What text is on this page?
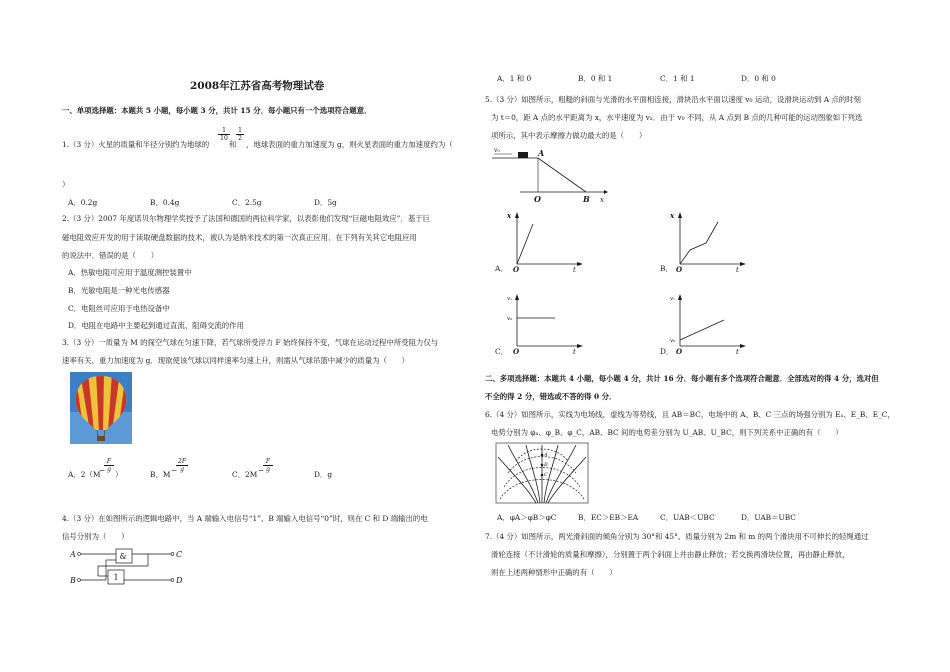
2008年江苏省高考物理试卷
一、单项选择题：本题共 5 小题，每小题 3 分，共计 15 分．每小题只有一个选项符合题意．
1.（3 分）火星的质量和半径分别约为地球的
$\frac{1}{10}$
和
$\frac{1}{2}$
，地球表面的重力加速度为 g，则火星表面的重力加速度约为（
）
A．0.2g	B．0.4g	C．2.5g	D．5g
2.（3 分）2007 年度诺贝尔物理学奖授予了法国和德国的两位科学家，以表彰他们发现“巨磁电阻效应”．基于巨
磁电阻效应开发的用于读取硬盘数据的技术，被认为是纳米技术的第一次真正应用．在下列有关其它电阻应用
的说法中．错误的是（　　）
A．热敏电阻可应用于温度测控装置中
B．光敏电阻是一种光电传感器
C．电阻丝可应用于电热设备中
D．电阻在电路中主要起到通过直流、阻碍交流的作用
3.（3 分）一质量为 M 的探空气球在匀速下降，若气球所受浮力 F 始终保持不变，气球在运动过程中所受阻力仅与
速率有关，重力加速度为 g．现欲使该气球以同样速率匀速上升，则需从气球吊篮中减少的质量为（　　）
A．2（M
$\frac{F}{g}$
− ）	B．M −
$\frac{2F}{g}$
C．2M −
$\frac{F}{g}$
D．g
4.（3 分）在如图所示的逻辑电路中，当 A 端输入电信号“1”、B 端输入电信号“0”时，则在 C 和 D 端输出的电
信号分别为（　　）
A
B
C
D
&
1
A．1 和 0	B．0 和 1	C．1 和 1	D．0 和 0
5.（3 分）如图所示，粗糙的斜面与光滑的水平面相连接，滑块沿水平面以速度 v₀ 运动，设滑块运动到 A 点的时刻
为 t＝0，距 A 点的水平距离为 x，水平速度为 vₓ．由于 v₀ 不同，从 A 点到 B 点的几种可能的运动图象如下列选
项所示，其中表示摩擦力做功最大的是（　　）
v₀	A
O	B x
x
O	t
A．
x
O	t
B．
vₓ
v₀
O	t
C．
vₓ
v₀
O	t
D．
二、多项选择题：本题共 4 小题，每小题 4 分，共计 16 分．每小题有多个选项符合题意．全部选对的得 4 分，选对但
不全的得 2 分，错选或不答的得 0 分．
6.（4 分）如图所示，实线为电场线，虚线为等势线，且 AB＝BC，电场中的 A、B、C 三点的场强分别为 Eₐ、E_B、E_C，
电势分别为 φₐ、φ_B、φ_C，AB、BC 间的电势差分别为 U_AB、U_BC，则下列关系中正确的有（　　）
A
B
C
A．φA＞φB＞φC	B．EC＞EB＞EA	C．UAB＜UBC	D．UAB＝UBC
7.（4 分）如图所示，两光滑斜面的倾角分别为 30°和 45°、质量分别为 2m 和 m 的两个滑块用不可伸长的轻绳通过
滑轮连接（不计滑轮的质量和摩擦），分别置于两个斜面上并由静止释放；若交换两滑块位置，再由静止释放，
则在上述两种情形中正确的有（　　）
